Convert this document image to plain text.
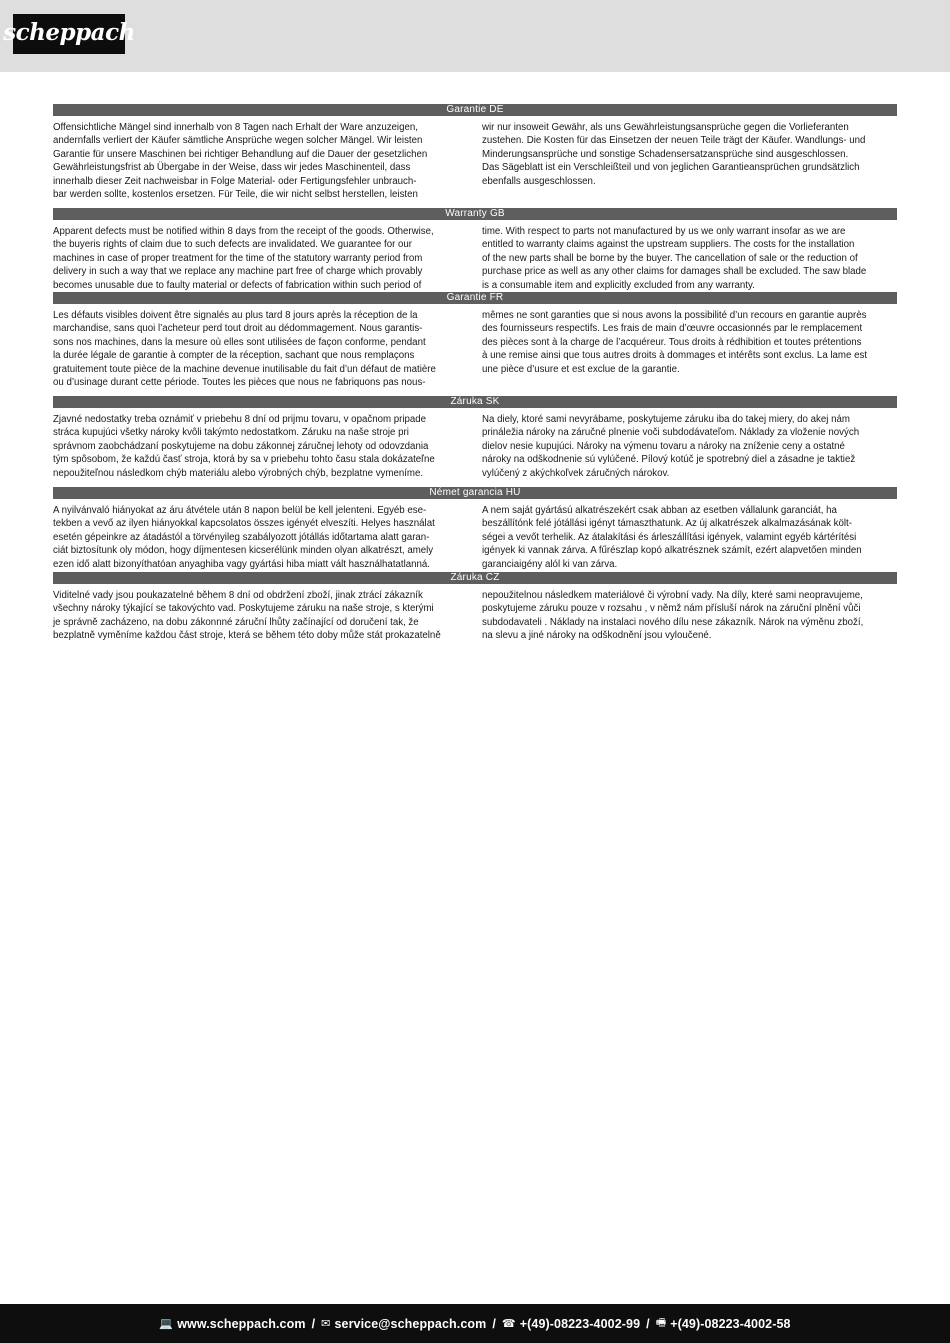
scheppach
Garantie DE
Offensichtliche Mängel sind innerhalb von 8 Tagen nach Erhalt der Ware anzuzeigen,
andernfalls verliert der Käufer sämtliche Ansprüche wegen solcher Mängel. Wir leisten
Garantie für unsere Maschinen bei richtiger Behandlung auf die Dauer der gesetzlichen
Gewährleistungsfrist ab Übergabe in der Weise, dass wir jedes Maschinenteil, dass
innerhalb dieser Zeit nachweisbar in Folge Material- oder Fertigungsfehler unbrauch-
bar werden sollte, kostenlos ersetzen. Für Teile, die wir nicht selbst herstellen, leisten
wir nur insoweit Gewähr, als uns Gewährleistungsansprüche gegen die Vorlieferanten
zustehen. Die Kosten für das Einsetzen der neuen Teile trägt der Käufer. Wandlungs- und
Minderungsansprüche und sonstige Schadensersatzansprüche sind ausgeschlossen.
Das Sägeblatt ist ein Verschleißteil und von jeglichen Garantieansprüchen grundsätzlich
ebenfalls ausgeschlossen.
Warranty GB
Apparent defects must be notified within 8 days from the receipt of the goods. Otherwise,
the buyeris rights of claim due to such defects are invalidated. We guarantee for our
machines in case of proper treatment for the time of the statutory warranty period from
delivery in such a way that we replace any machine part free of charge which provably
becomes unusable due to faulty material or defects of fabrication within such period of
time. With respect to parts not manufactured by us we only warrant insofar as we are
entitled to warranty claims against the upstream suppliers. The costs for the installation
of the new parts shall be borne by the buyer. The cancellation of sale or the reduction of
purchase price as well as any other claims for damages shall be excluded. The saw blade
is a consumable item and explicitly excluded from any warranty.
Garantie FR
Les défauts visibles doivent être signalés au plus tard 8 jours après la réception de la
marchandise, sans quoi l’acheteur perd tout droit au dédommagement. Nous garantis-
sons nos machines, dans la mesure où elles sont utilisées de façon conforme, pendant
la durée légale de garantie à compter de la réception, sachant que nous remplaçons
gratuitement toute pièce de la machine devenue inutilisable du fait d’un défaut de matière
ou d’usinage durant cette période. Toutes les pièces que nous ne fabriquons pas nous-
mêmes ne sont garanties que si nous avons la possibilité d’un recours en garantie auprès
des fournisseurs respectifs. Les frais de main d’œuvre occasionnés par le remplacement
des pièces sont à la charge de l’acquéreur. Tous droits à rédhibition et toutes prétentions
à une remise ainsi que tous autres droits à dommages et intérêts sont exclus. La lame est
une pièce d’usure et est exclue de la garantie.
Záruka SK
Zjavné nedostatky treba oznámiť v priebehu 8 dní od prijmu tovaru, v opačnom pripade
stráca kupujúci všetky nároky kvôli takýmto nedostatkom. Záruku na naše stroje pri
správnom zaobchádzaní poskytujeme na dobu zákonnej záručnej lehoty od odovzdania
tým spôsobom, že každú časť stroja, ktorá by sa v priebehu tohto času stala dokázateľne
nepoužiteľnou následkom chýb materiálu alebo výrobných chýb, bezplatne vymeníme.
Na diely, ktoré sami nevyrábame, poskytujeme záruku iba do takej miery, do akej nám
prináležia nároky na záručné plnenie voči subdodávateľom. Náklady za vloženie nových
dielov nesie kupujúci. Nároky na výmenu tovaru a nároky na zníženie ceny a ostatné
nároky na odškodnenie sú vylúčené. Pílový kotúč je spotrebný diel a zásadne je taktiež
vylúčený z akýchkoľvek záručných nárokov.
Német garancia HU
A nyilvánvaló hiányokat az áru átvétele után 8 napon belül be kell jelenteni. Egyéb ese-
tekben a vevő az ilyen hiányokkal kapcsolatos összes igényét elveszíti. Helyes használat
esetén gépeinkre az átadástól a törvényileg szabályozott jótállás időtartama alatt garan-
ciát biztosítunk oly módon, hogy díjmentesen kicserélünk minden olyan alkatrészt, amely
ezen idő alatt bizonyíthatóan anyaghiba vagy gyártási hiba miatt vált használhatatlanná.
A nem saját gyártású alkatrészekért csak abban az esetben vállalunk garanciát, ha
beszállítónk felé jótállási igényt támaszthatunk. Az új alkatrészek alkalmazásának költ-
ségei a vevőt terhelik. Az átalakítási és árleszállítási igények, valamint egyéb kártérítési
igények ki vannak zárva. A fűrészlap kopó alkatrésznek számít, ezért alapvetően minden
garanciaigény alól ki van zárva.
Záruka CZ
Viditelné vady jsou poukazatelné během 8 dní od obdržení zboží, jinak ztrácí zákazník
všechny nároky týkající se takovýchto vad. Poskytujeme záruku na naše stroje, s kterými
je správně zacházeno, na dobu zákonnné záruční lhůty začínající od doručení tak, že
bezplatně vyměníme každou část stroje, která se během této doby může stát prokazatelně
nepoužitelnou následkem materiálové či výrobní vady. Na díly, které sami neopravujeme,
poskytujeme záruku pouze v rozsahu , v němž nám přísluší nárok na záruční plnění vůči
subdodavateli . Náklady na instalaci nového dílu nese zákazník. Nárok na výměnu zboží,
na slevu a jiné nároky na odškodnění jsou vyloučené.
💻 www.scheppach.com / ✉ service@scheppach.com / ☎ +(49)-08223-4002-99 / 🖷 +(49)-08223-4002-58
